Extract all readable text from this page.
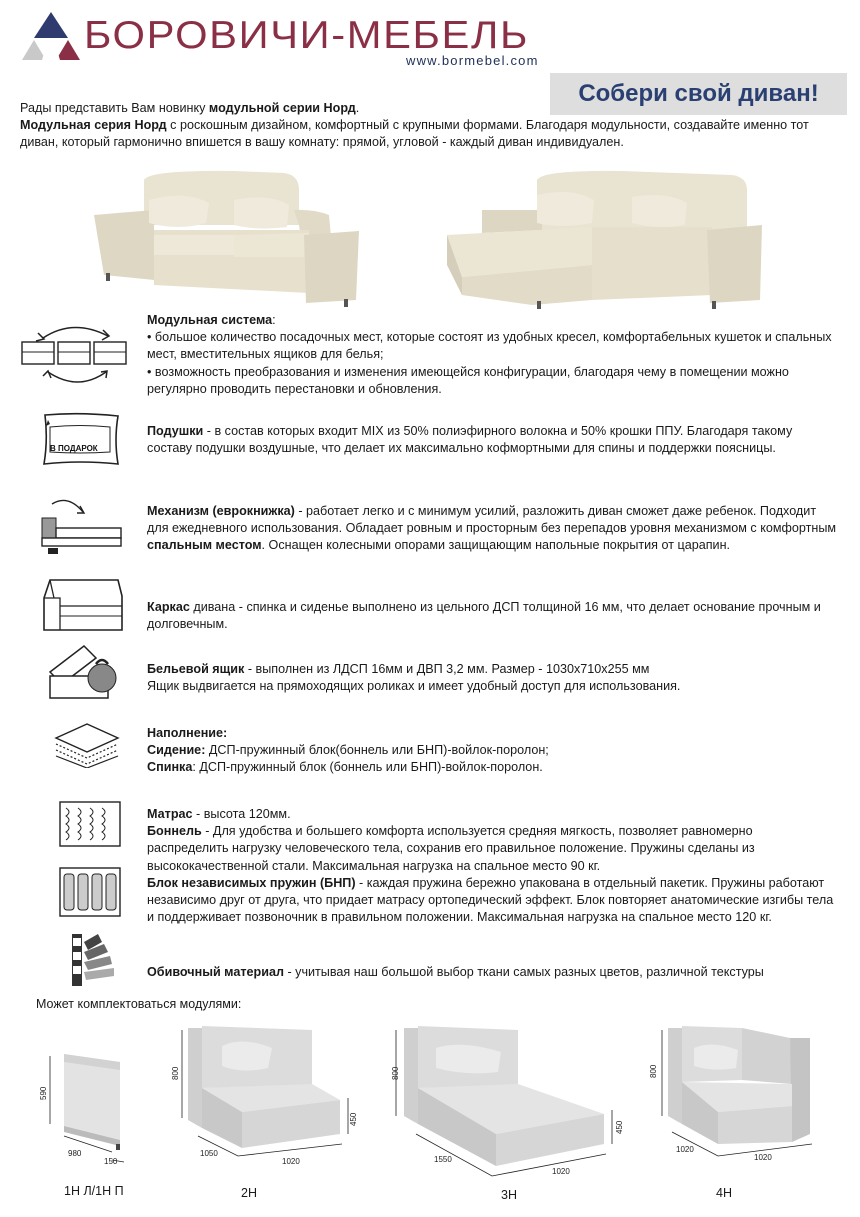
БОРОВИЧИ-МЕБЕЛЬ
www.bormebel.com
Собери свой диван!
Рады представить Вам новинку модульной серии Норд.
Модульная серия Норд с роскошным дизайном, комфортный с крупными формами. Благодаря модульности, создавайте именно тот диван, который гармонично впишется в вашу комнату: прямой, угловой - каждый диван индивидуален.
Модульная система:
• большое количество посадочных мест, которые состоят из удобных кресел, комфортабельных кушеток и спальных мест, вместительных ящиков для белья;
• возможность преобразования и изменения имеющейся конфигурации, благодаря чему в помещении можно регулярно проводить перестановки и обновления.
В ПОДАРОК
Подушки - в состав которых входит MIX из 50% полиэфирного волокна и 50% крошки ППУ. Благодаря такому составу подушки воздушные, что делает их максимально кофмортными для спины и поддержки поясницы.
Механизм (еврокнижка) - работает легко и с минимум усилий, разложить диван сможет даже ребенок. Подходит для ежедневного использования. Обладает ровным и просторным без перепадов уровня механизмом с комфортным спальным местом. Оснащен колесными опорами защищающим напольные покрытия от царапин.
Каркас дивана - спинка и сиденье выполнено из цельного ДСП толщиной 16 мм, что делает основание прочным и долговечным.
Бельевой ящик - выполнен из ЛДСП 16мм и ДВП 3,2 мм. Размер - 1030х710х255 мм
Ящик выдвигается на прямоходящих роликах и имеет удобный доступ для использования.
Наполнение:
Сидение: ДСП-пружинный блок(боннель или БНП)-войлок-поролон;
Спинка: ДСП-пружинный блок (боннель или БНП)-войлок-поролон.
Матрас - высота 120мм.
Боннель - Для удобства и большего комфорта используется средняя мягкость, позволяет равномерно распределить нагрузку человеческого тела, сохранив его правильное положение. Пружины сделаны из высококачественной стали. Максимальная нагрузка на спальное место 90 кг.
Блок независимых пружин (БНП) - каждая пружина бережно упакована в отдельный пакетик. Пружины работают независимо друг от друга, что придает матрасу ортопедический эффект. Блок повторяет анатомические изгибы тела и поддерживает позвоночник в правильном положении. Максимальная нагрузка на спальное место 120 кг.
Обивочный материал - учитывая наш большой выбор ткани самых разных цветов, различной текстуры
Может комплектоваться модулями:
590
980
150
1Н Л/1Н П
800
450
1050
1020
2Н
800
450
1550
1020
3Н
800
1020
1020
4Н
